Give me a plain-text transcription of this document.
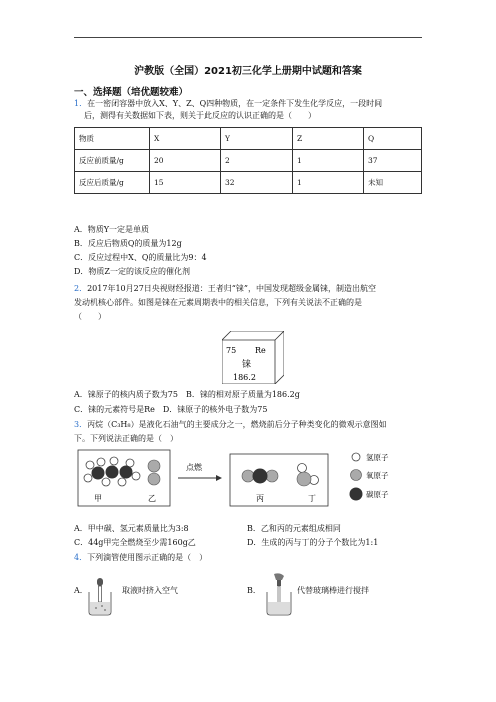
沪教版（全国）2021初三化学上册期中试题和答案
一、选择题（培优题较难）
1．在一密闭容器中放入X、Y、Z、Q四种物质，在一定条件下发生化学反应，一段时间
后，测得有关数据如下表，则关于此反应的认识正确的是（　　）
物质	X	Y	Z	Q
反应前质量/g	20	2	1	37
反应后质量/g	15	32	1	未知
A．物质Y一定是单质
B．反应后物质Q的质量为12g
C．反应过程中X、Q的质量比为9：4
D．物质Z一定的该反应的催化剂
2．2017年10月27日央视财经报道：王者归“铼”，中国发现超级金属铼，制造出航空
发动机核心部件。如图是铼在元素周期表中的相关信息，下列有关说法不正确的是
（　　）
75 Re
铼
186.2
A．铼原子的核内质子数为75　B．铼的相对原子质量为186.2g
C．铼的元素符号是Re　D．铼原子的核外电子数为75
3．丙烷（C₃H₈）是液化石油气的主要成分之一，燃烧前后分子种类变化的微观示意图如
下。下列说法正确的是（　）
甲	乙
点燃
丙	丁
氢原子
氧原子
碳原子
A．甲中碳、氢元素质量比为3:8	B．乙和丙的元素组成相同
C．44g甲完全燃烧至少需160g乙	D．生成的丙与丁的分子个数比为1:1
4．下列滴管使用图示正确的是（　）
A．	取液时挤入空气	B．	代替玻璃棒进行搅拌
